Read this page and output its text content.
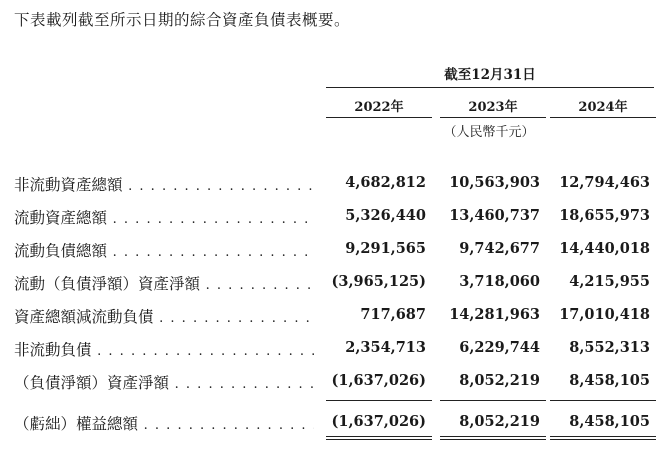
下表載列截至所示日期的綜合資產負債表概要。
截至12月31日
2022年	2023年	2024年
（人民幣千元）
非流動資產總額 . . .	4,682,812	10,563,903	12,794,463
流動資產總額 . . .	5,326,440	13,460,737	18,655,973
流動負債總額 . . .	9,291,565	9,742,677	14,440,018
流動（負債淨額）資產淨額 . . .	(3,965,125)	3,718,060	4,215,955
資產總額減流動負債 . . .	717,687	14,281,963	17,010,418
非流動負債 . . .	2,354,713	6,229,744	8,552,313
（負債淨額）資產淨額 . . .	(1,637,026)	8,052,219	8,458,105
（虧絀）權益總額 . . .	(1,637,026)	8,052,219	8,458,105
